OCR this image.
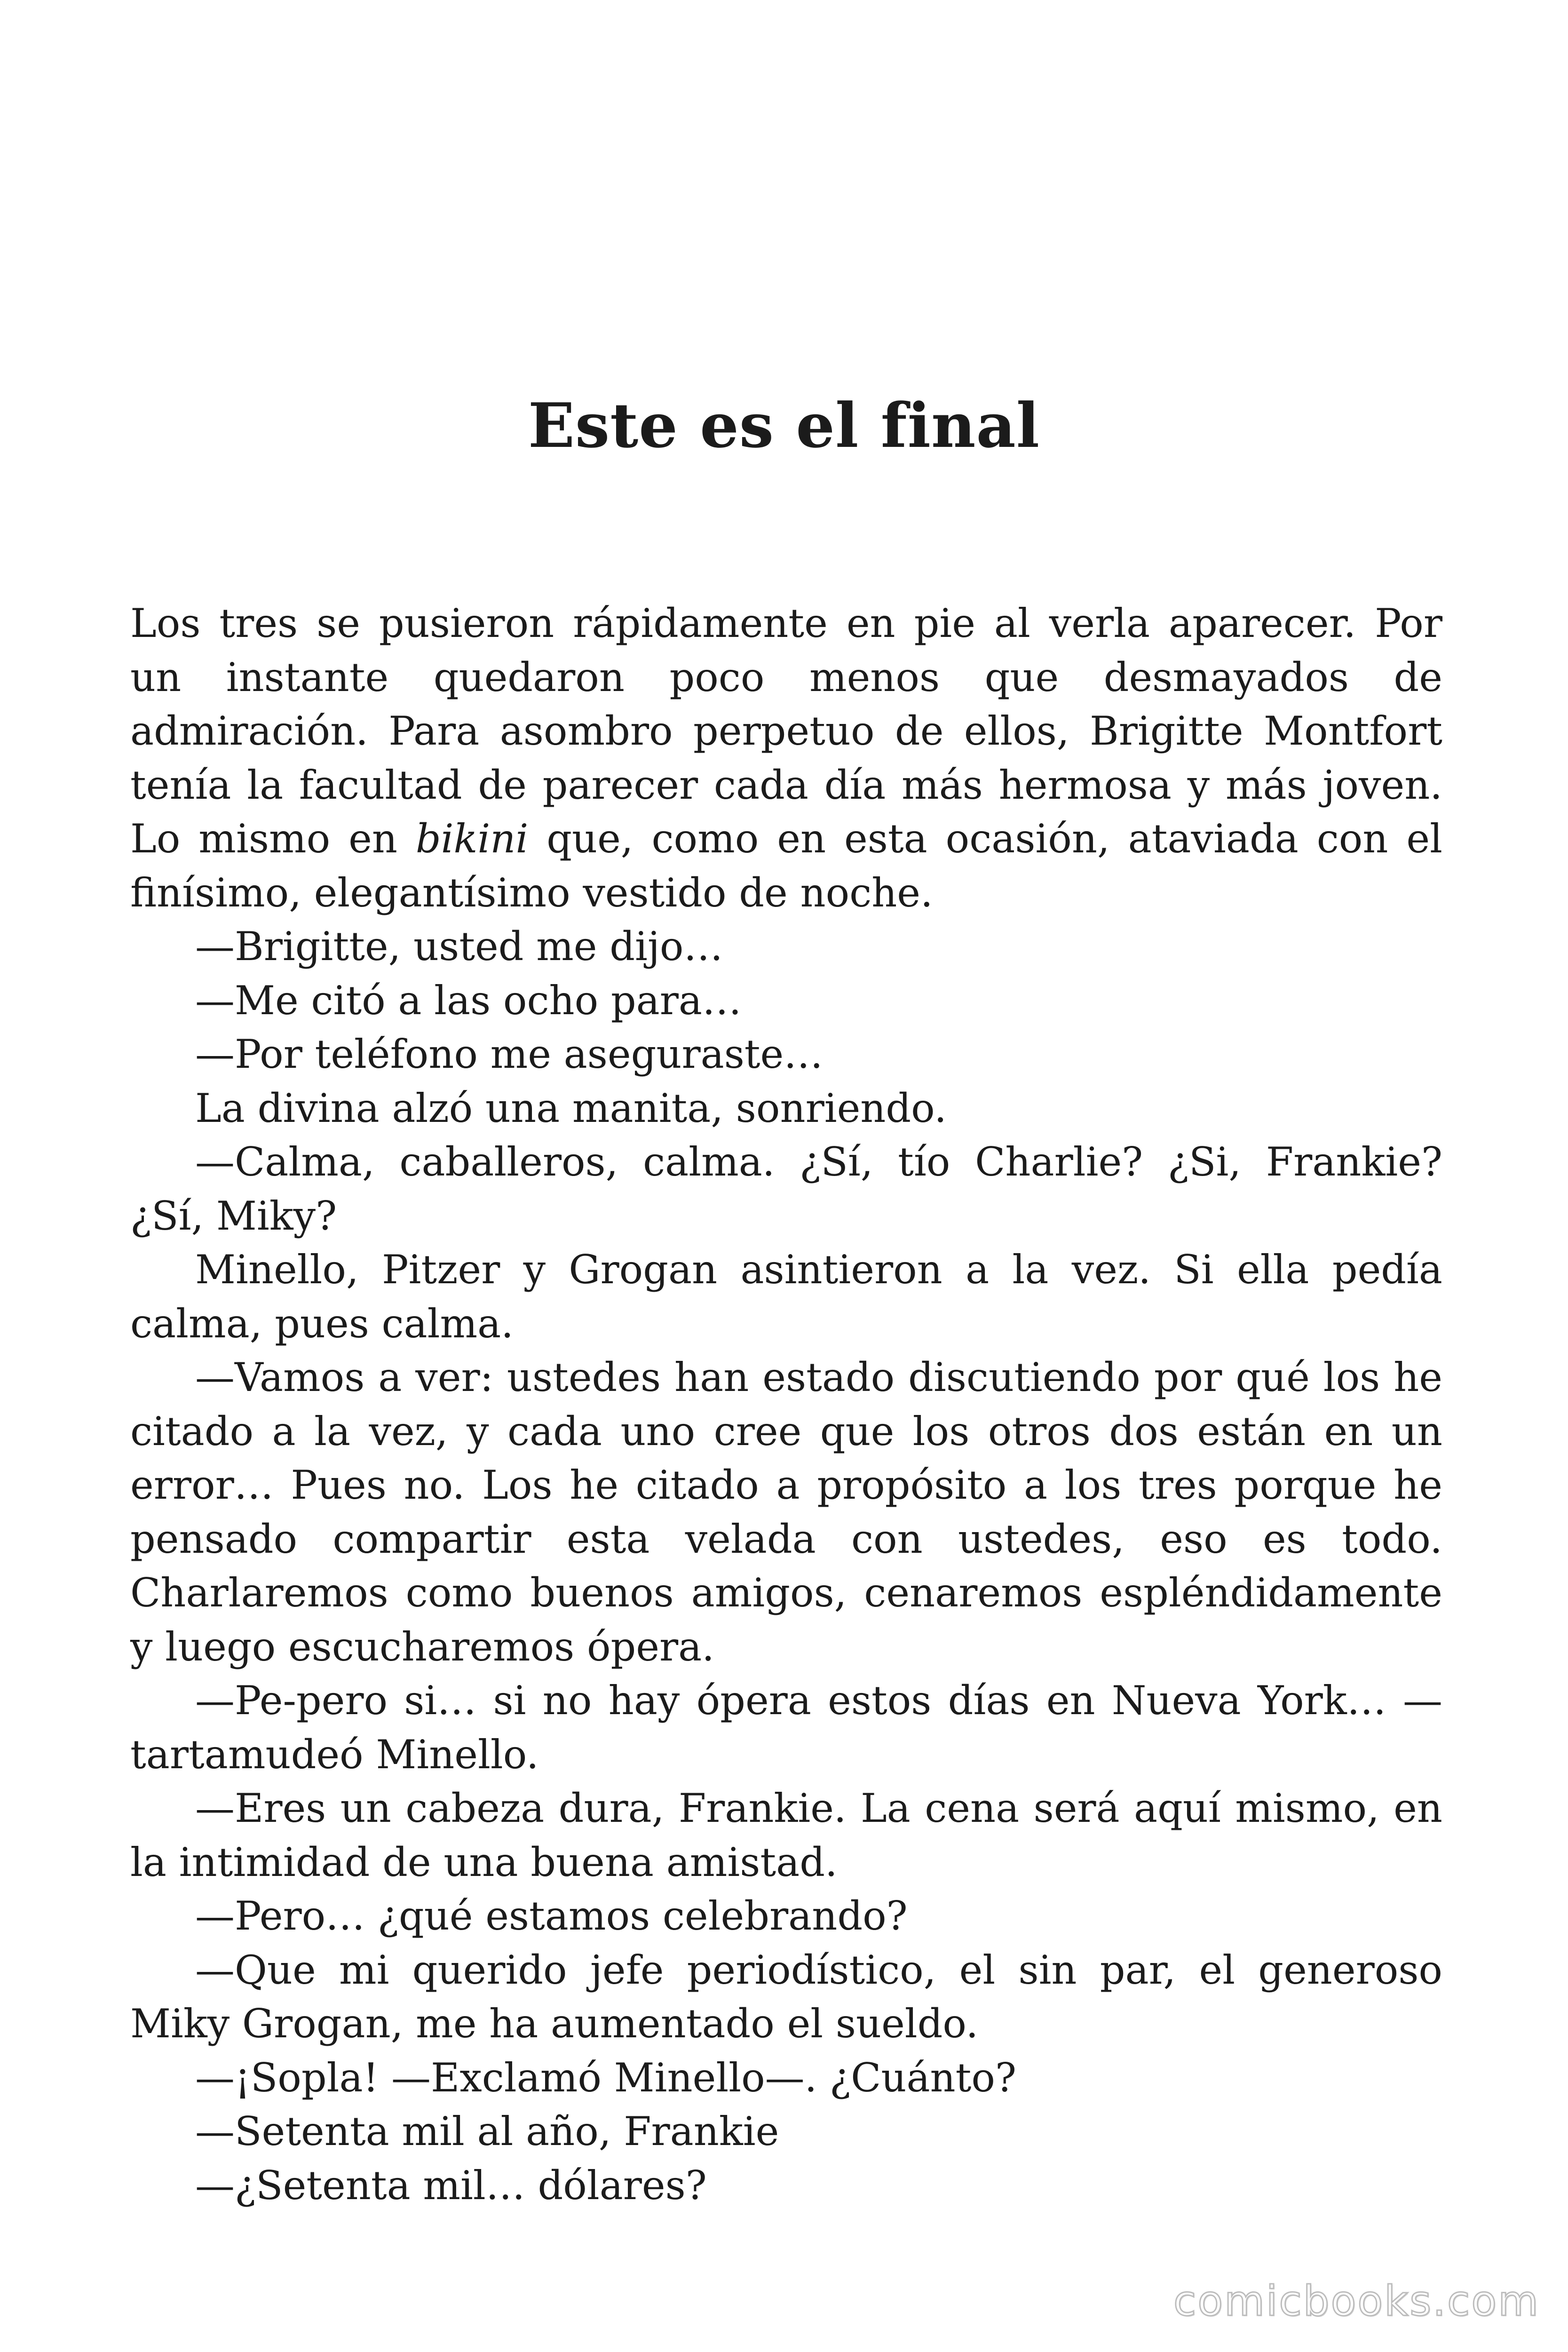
Este es el final

Los tres se pusieron rápidamente en pie al verla aparecer. Por un instante quedaron poco menos que desmayados de admiración. Para asombro perpetuo de ellos, Brigitte Montfort tenía la facultad de parecer cada día más hermosa y más joven. Lo mismo en bikini que, como en esta ocasión, ataviada con el finísimo, elegantísimo vestido de noche.

—Brigitte, usted me dijo…

—Me citó a las ocho para…

—Por teléfono me aseguraste…

La divina alzó una manita, sonriendo.

—Calma, caballeros, calma. ¿Sí, tío Charlie? ¿Si, Frankie? ¿Sí, Miky?

Minello, Pitzer y Grogan asintieron a la vez. Si ella pedía calma, pues calma.

—Vamos a ver: ustedes han estado discutiendo por qué los he citado a la vez, y cada uno cree que los otros dos están en un error… Pues no. Los he citado a propósito a los tres porque he pensado compartir esta velada con ustedes, eso es todo. Charlaremos como buenos amigos, cenaremos espléndidamente y luego escucharemos ópera.

—Pe-pero si… si no hay ópera estos días en Nueva York… —tartamudeó Minello.

—Eres un cabeza dura, Frankie. La cena será aquí mismo, en la intimidad de una buena amistad.

—Pero… ¿qué estamos celebrando?

—Que mi querido jefe periodístico, el sin par, el generoso Miky Grogan, me ha aumentado el sueldo.

—¡Sopla! —Exclamó Minello—. ¿Cuánto?

—Setenta mil al año, Frankie

—¿Setenta mil… dólares?

comicbooks.com
